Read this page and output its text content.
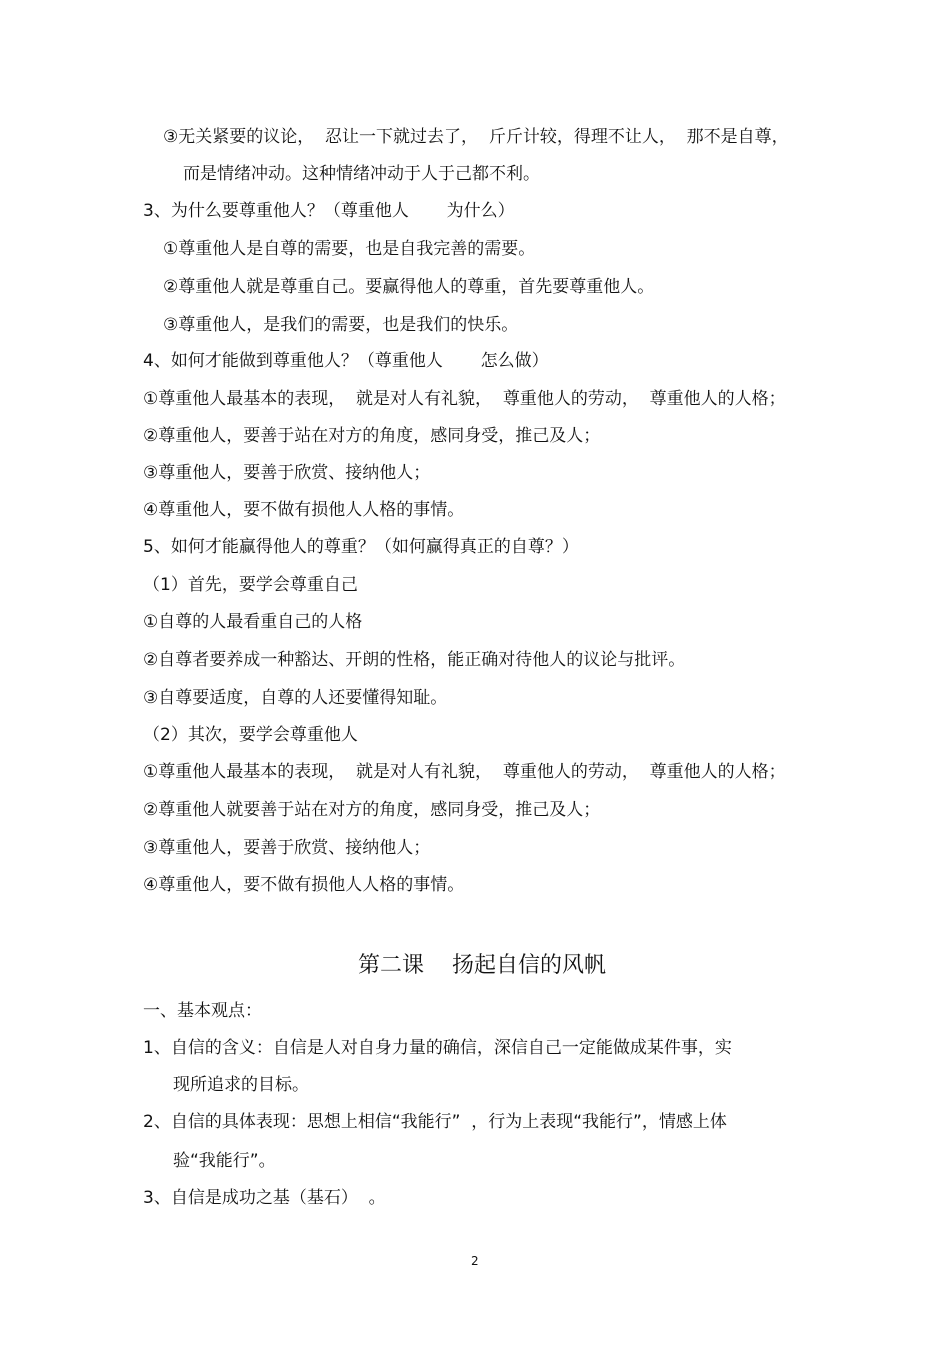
③无关紧要的议论，  忍让一下就过去了，  斤斤计较，得理不让人，  那不是自尊，
而是情绪冲动。这种情绪冲动于人于己都不利。
3、为什么要尊重他人？（尊重他人       为什么）
①尊重他人是自尊的需要，也是自我完善的需要。
②尊重他人就是尊重自己。要赢得他人的尊重，首先要尊重他人。
③尊重他人，是我们的需要，也是我们的快乐。
4、如何才能做到尊重他人？（尊重他人       怎么做）
①尊重他人最基本的表现，  就是对人有礼貌，  尊重他人的劳动，  尊重他人的人格；
②尊重他人，要善于站在对方的角度，感同身受，推己及人；
③尊重他人，要善于欣赏、接纳他人；
④尊重他人，要不做有损他人人格的事情。
5、如何才能赢得他人的尊重？（如何赢得真正的自尊？）
（1）首先，要学会尊重自己
①自尊的人最看重自己的人格
②自尊者要养成一种豁达、开朗的性格，能正确对待他人的议论与批评。
③自尊要适度，自尊的人还要懂得知耻。
（2）其次，要学会尊重他人
①尊重他人最基本的表现，  就是对人有礼貌，  尊重他人的劳动，  尊重他人的人格；
②尊重他人就要善于站在对方的角度，感同身受，推己及人；
③尊重他人，要善于欣赏、接纳他人；
④尊重他人，要不做有损他人人格的事情。
第二课    扬起自信的风帆
一、基本观点：
1、自信的含义：自信是人对自身力量的确信，深信自己一定能做成某件事，实
现所追求的目标。
2、自信的具体表现：思想上相信“我能行”  ，行为上表现“我能行”，情感上体
验“我能行”。
3、自信是成功之基（基石）  。
2
